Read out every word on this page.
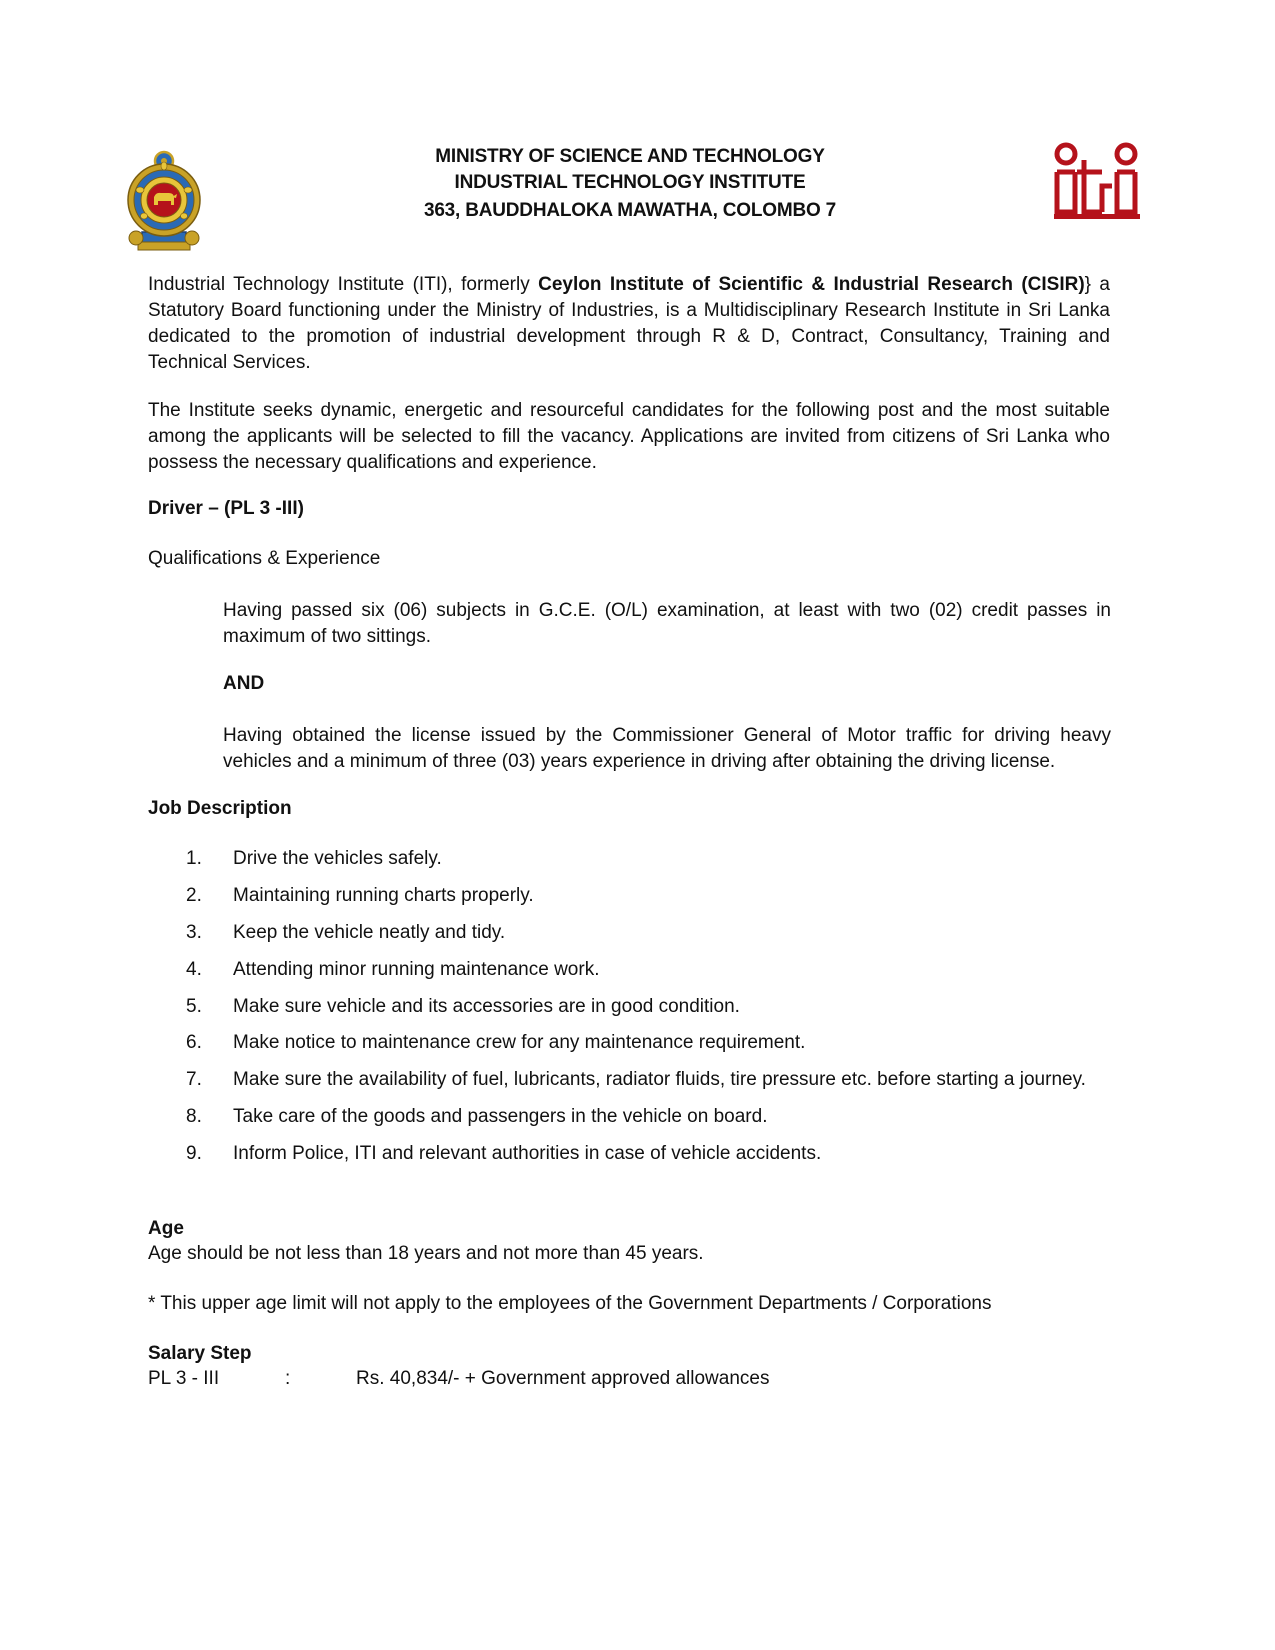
MINISTRY OF SCIENCE AND TECHNOLOGY
INDUSTRIAL TECHNOLOGY INSTITUTE
363, BAUDDHALOKA MAWATHA, COLOMBO 7
Industrial Technology Institute (ITI), formerly Ceylon Institute of Scientific & Industrial Research (CISIR)} a Statutory Board functioning under the Ministry of Industries, is a Multidisciplinary Research Institute in Sri Lanka dedicated to the promotion of industrial development through R & D, Contract, Consultancy, Training and Technical Services.
The Institute seeks dynamic, energetic and resourceful candidates for the following post and the most suitable among the applicants will be selected to fill the vacancy. Applications are invited from citizens of Sri Lanka who possess the necessary qualifications and experience.
Driver – (PL 3 -III)
Qualifications & Experience
Having passed six (06) subjects in G.C.E. (O/L) examination, at least with two (02) credit passes in maximum of two sittings.
AND
Having obtained the license issued by the Commissioner General of Motor traffic for driving heavy vehicles and a minimum of three (03) years experience in driving after obtaining the driving license.
Job Description
1. Drive the vehicles safely.
2. Maintaining running charts properly.
3. Keep the vehicle neatly and tidy.
4. Attending minor running maintenance work.
5. Make sure vehicle and its accessories are in good condition.
6. Make notice to maintenance crew for any maintenance requirement.
7. Make sure the availability of fuel, lubricants, radiator fluids, tire pressure etc. before starting a journey.
8. Take care of the goods and passengers in the vehicle on board.
9. Inform Police, ITI and relevant authorities in case of vehicle accidents.
Age
Age should be not less than 18 years and not more than 45 years.
* This upper age limit will not apply to the employees of the Government Departments / Corporations
Salary Step
PL 3 - III	:	Rs. 40,834/- + Government approved allowances
